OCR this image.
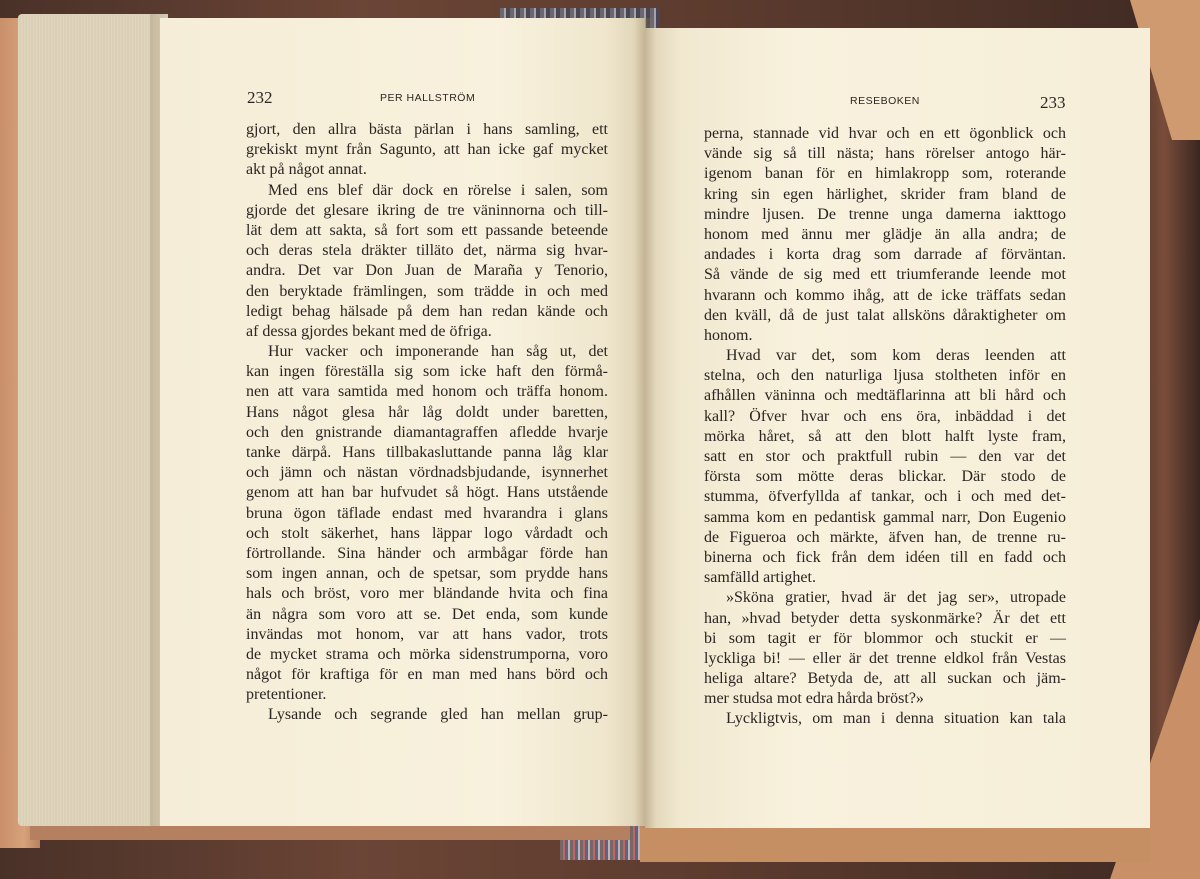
232	PER HALLSTRÖM	RESEBOKEN	233
gjort, den allra bästa pärlan i hans samling, ett
grekiskt mynt från Sagunto, att han icke gaf mycket
akt på något annat.
Med ens blef där dock en rörelse i salen, som
gjorde det glesare ikring de tre väninnorna och till-
lät dem att sakta, så fort som ett passande beteende
och deras stela dräkter tilläto det, närma sig hvar-
andra. Det var Don Juan de Maraña y Tenorio,
den beryktade främlingen, som trädde in och med
ledigt behag hälsade på dem han redan kände och
af dessa gjordes bekant med de öfriga.
Hur vacker och imponerande han såg ut, det
kan ingen föreställa sig som icke haft den förmå-
nen att vara samtida med honom och träffa honom.
Hans något glesa hår låg doldt under baretten,
och den gnistrande diamantagraffen afledde hvarje
tanke därpå. Hans tillbakasluttande panna låg klar
och jämn och nästan vördnadsbjudande, isynnerhet
genom att han bar hufvudet så högt. Hans utstående
bruna ögon täflade endast med hvarandra i glans
och stolt säkerhet, hans läppar logo vårdadt och
förtrollande. Sina händer och armbågar förde han
som ingen annan, och de spetsar, som prydde hans
hals och bröst, voro mer bländande hvita och fina
än några som voro att se. Det enda, som kunde
invändas mot honom, var att hans vador, trots
de mycket strama och mörka sidenstrumporna, voro
något för kraftiga för en man med hans börd och
pretentioner.
Lysande och segrande gled han mellan grup-
perna, stannade vid hvar och en ett ögonblick och
vände sig så till nästa; hans rörelser antogo här-
igenom banan för en himlakropp som, roterande
kring sin egen härlighet, skrider fram bland de
mindre ljusen. De trenne unga damerna iakttogo
honom med ännu mer glädje än alla andra; de
andades i korta drag som darrade af förväntan.
Så vände de sig med ett triumferande leende mot
hvarann och kommo ihåg, att de icke träffats sedan
den kväll, då de just talat allsköns dåraktigheter om
honom.
Hvad var det, som kom deras leenden att
stelna, och den naturliga ljusa stoltheten inför en
afhållen väninna och medtäflarinna att bli hård och
kall? Öfver hvar och ens öra, inbäddad i det
mörka håret, så att den blott halft lyste fram,
satt en stor och praktfull rubin — den var det
första som mötte deras blickar. Där stodo de
stumma, öfverfyllda af tankar, och i och med det-
samma kom en pedantisk gammal narr, Don Eugenio
de Figueroa och märkte, äfven han, de trenne ru-
binerna och fick från dem idéen till en fadd och
samfälld artighet.
»Sköna gratier, hvad är det jag ser», utropade
han, »hvad betyder detta syskonmärke? Är det ett
bi som tagit er för blommor och stuckit er —
lyckliga bi! — eller är det trenne eldkol från Vestas
heliga altare? Betyda de, att all suckan och jäm-
mer studsa mot edra hårda bröst?»
Lyckligtvis, om man i denna situation kan tala
